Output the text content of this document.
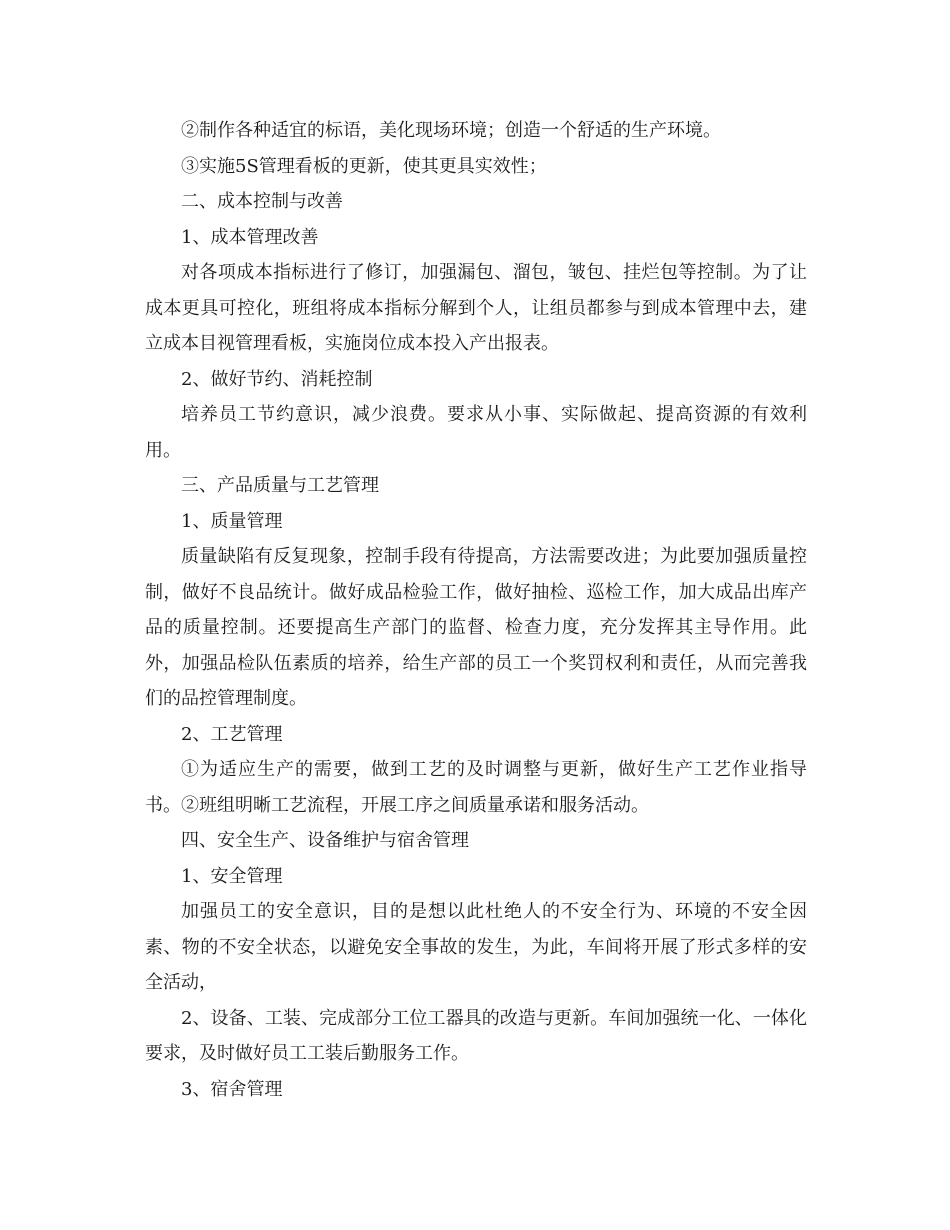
②制作各种适宜的标语，美化现场环境；创造一个舒适的生产环境。

③实施5S管理看板的更新，使其更具实效性；

二、成本控制与改善

1、成本管理改善

对各项成本指标进行了修订，加强漏包、溜包，皱包、挂烂包等控制。为了让成本更具可控化，班组将成本指标分解到个人，让组员都参与到成本管理中去，建立成本目视管理看板，实施岗位成本投入产出报表。

2、做好节约、消耗控制

培养员工节约意识，减少浪费。要求从小事、实际做起、提高资源的有效利用。

三、产品质量与工艺管理

1、质量管理

质量缺陷有反复现象，控制手段有待提高，方法需要改进；为此要加强质量控制，做好不良品统计。做好成品检验工作，做好抽检、巡检工作，加大成品出库产品的质量控制。还要提高生产部门的监督、检查力度，充分发挥其主导作用。此外，加强品检队伍素质的培养，给生产部的员工一个奖罚权利和责任，从而完善我们的品控管理制度。

2、工艺管理

①为适应生产的需要，做到工艺的及时调整与更新，做好生产工艺作业指导书。②班组明晰工艺流程，开展工序之间质量承诺和服务活动。

四、安全生产、设备维护与宿舍管理

1、安全管理

加强员工的安全意识，目的是想以此杜绝人的不安全行为、环境的不安全因素、物的不安全状态，以避免安全事故的发生，为此，车间将开展了形式多样的安全活动，

2、设备、工装、完成部分工位工器具的改造与更新。车间加强统一化、一体化要求，及时做好员工工装后勤服务工作。

3、宿舍管理
